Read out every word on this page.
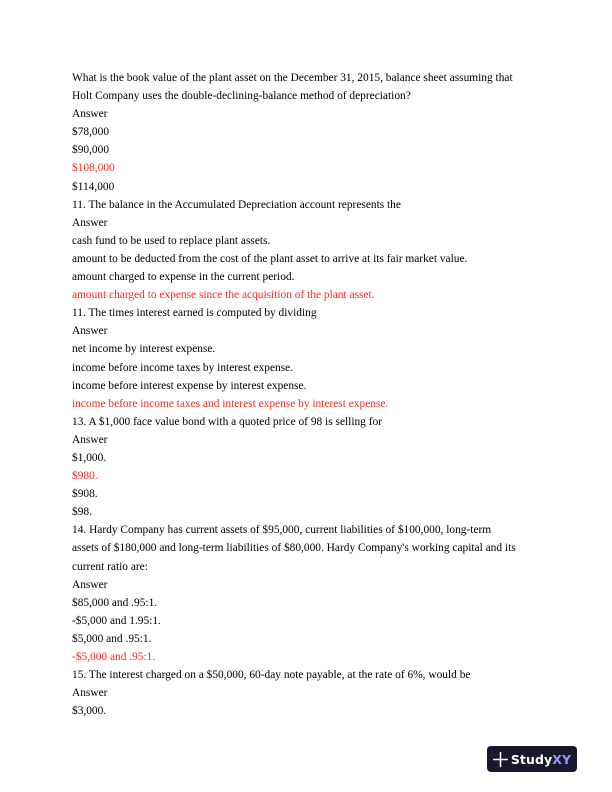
What is the book value of the plant asset on the December 31, 2015, balance sheet assuming that
Holt Company uses the double-declining-balance method of depreciation?
Answer
$78,000
$90,000
$108,000
$114,000
11. The balance in the Accumulated Depreciation account represents the
Answer
cash fund to be used to replace plant assets.
amount to be deducted from the cost of the plant asset to arrive at its fair market value.
amount charged to expense in the current period.
amount charged to expense since the acquisition of the plant asset.
11. The times interest earned is computed by dividing
Answer
net income by interest expense.
income before income taxes by interest expense.
income before interest expense by interest expense.
income before income taxes and interest expense by interest expense.
13. A $1,000 face value bond with a quoted price of 98 is selling for
Answer
$1,000.
$980.
$908.
$98.
14. Hardy Company has current assets of $95,000, current liabilities of $100,000, long-term
assets of $180,000 and long-term liabilities of $80,000. Hardy Company's working capital and its
current ratio are:
Answer
$85,000 and .95:1.
-$5,000 and 1.95:1.
$5,000 and .95:1.
-$5,000 and .95:1.
15. The interest charged on a $50,000, 60-day note payable, at the rate of 6%, would be
Answer
$3,000.
StudyXY
